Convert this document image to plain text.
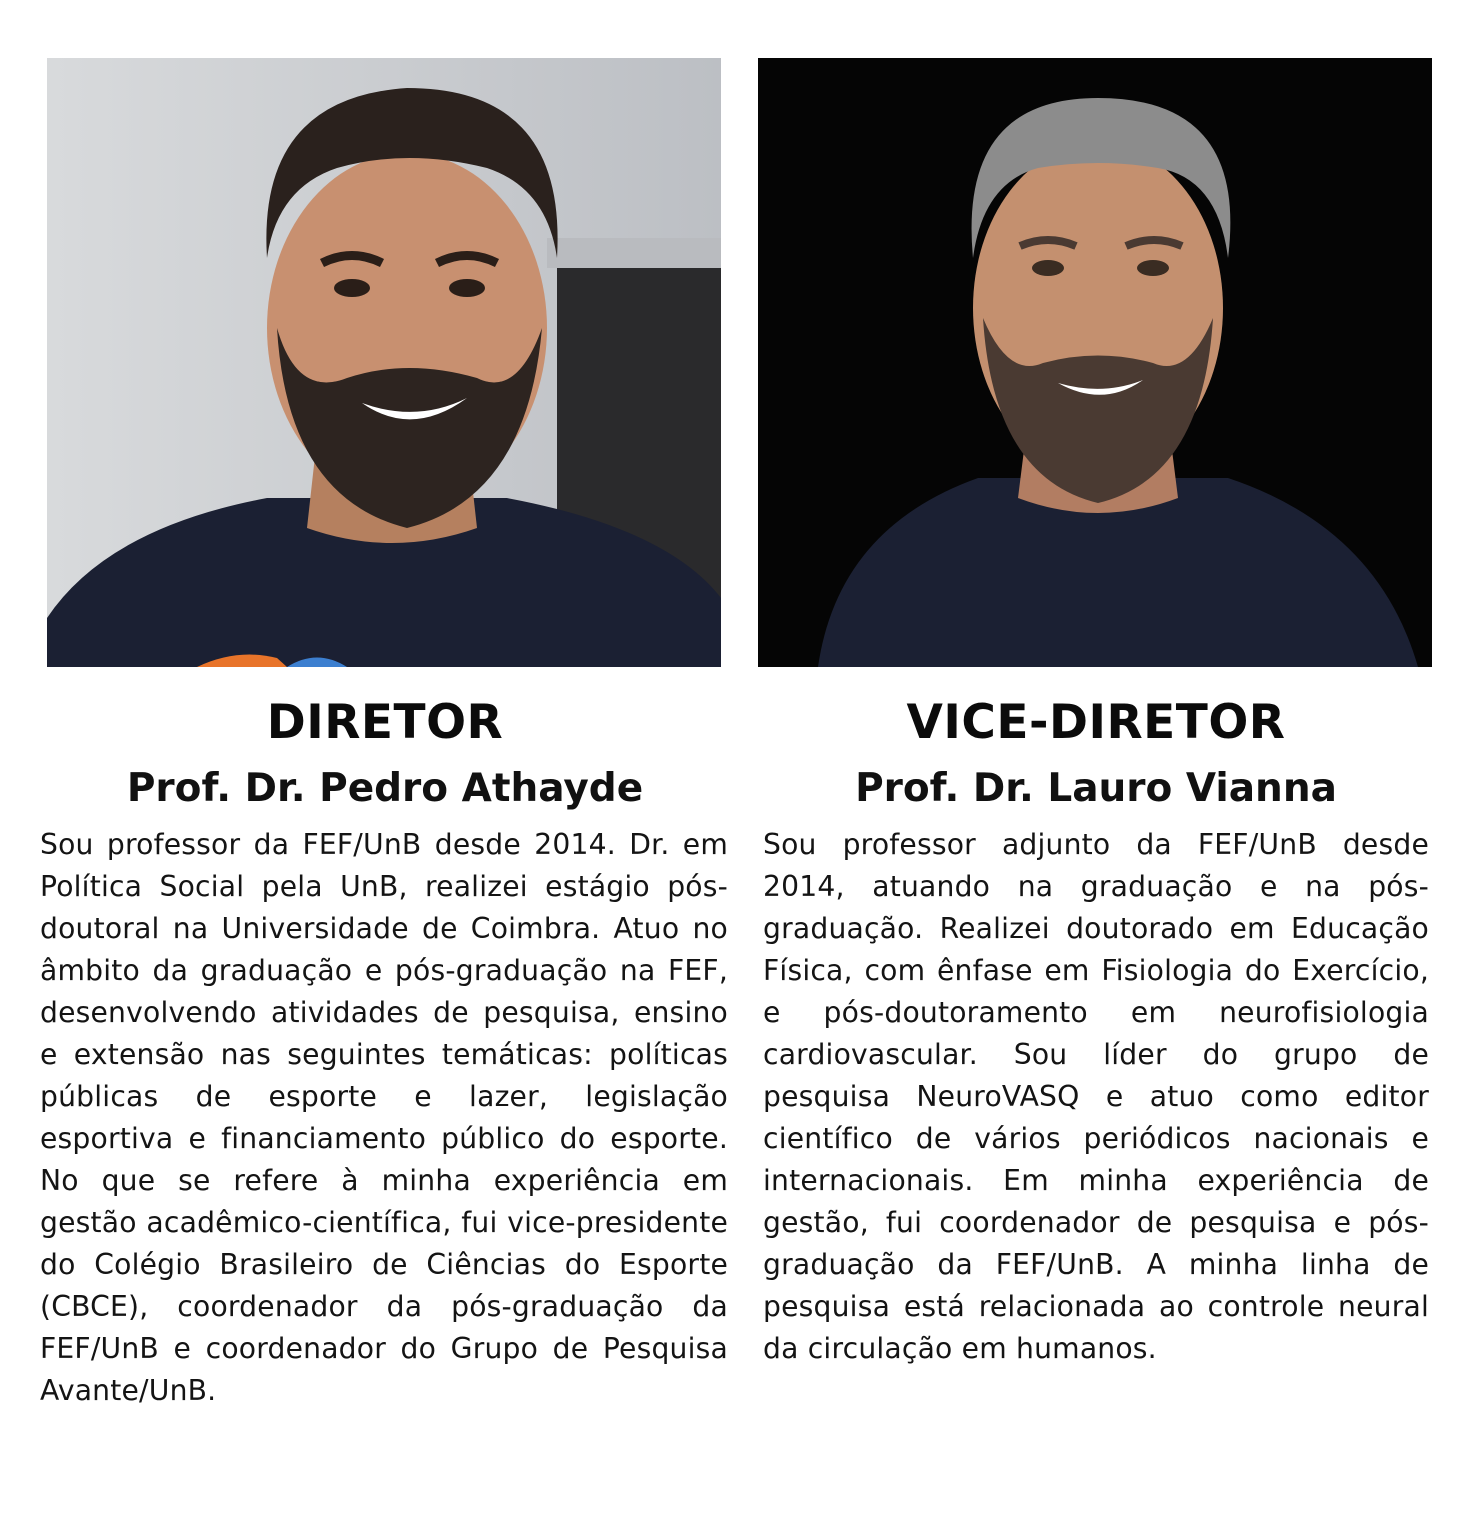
DIRETOR
Prof. Dr. Pedro Athayde

Sou professor da FEF/UnB desde 2014. Dr. em Política Social pela UnB, realizei estágio pós-doutoral na Universidade de Coimbra. Atuo no âmbito da graduação e pós-graduação na FEF, desenvolvendo atividades de pesquisa, ensino e extensão nas seguintes temáticas: políticas públicas de esporte e lazer, legislação esportiva e financiamento público do esporte. No que se refere à minha experiência em gestão acadêmico-científica, fui vice-presidente do Colégio Brasileiro de Ciências do Esporte (CBCE), coordenador da pós-graduação da FEF/UnB e coordenador do Grupo de Pesquisa Avante/UnB.

VICE-DIRETOR
Prof. Dr. Lauro Vianna

Sou professor adjunto da FEF/UnB desde 2014, atuando na graduação e na pós-graduação. Realizei doutorado em Educação Física, com ênfase em Fisiologia do Exercício, e pós-doutoramento em neurofisiologia cardiovascular. Sou líder do grupo de pesquisa NeuroVASQ e atuo como editor científico de vários periódicos nacionais e internacionais. Em minha experiência de gestão, fui coordenador de pesquisa e pós-graduação da FEF/UnB. A minha linha de pesquisa está relacionada ao controle neural da circulação em humanos.
